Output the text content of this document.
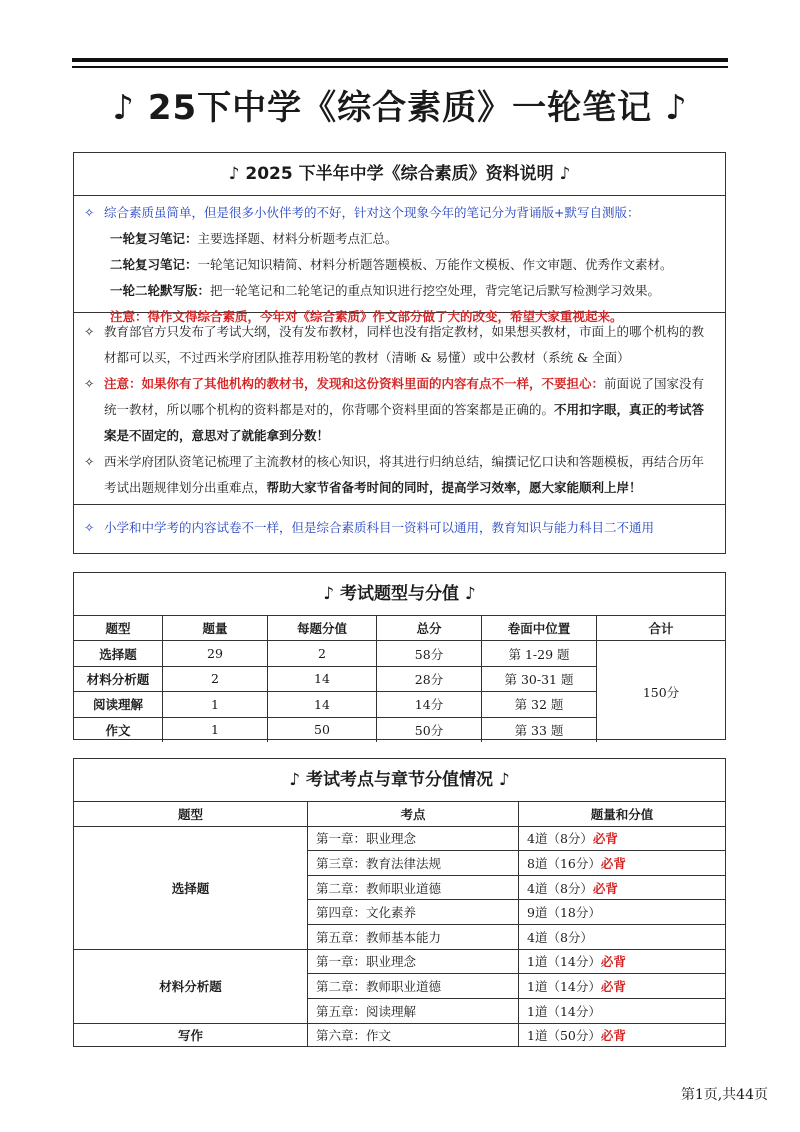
♪ 25下中学《综合素质》一轮笔记 ♪
♪ 2025 下半年中学《综合素质》资料说明 ♪
✧ 综合素质虽简单，但是很多小伙伴考的不好，针对这个现象今年的笔记分为背诵版+默写自测版：
一轮复习笔记：主要选择题、材料分析题考点汇总。
二轮复习笔记：一轮笔记知识精简、材料分析题答题模板、万能作文模板、作文审题、优秀作文素材。
一轮二轮默写版：把一轮笔记和二轮笔记的重点知识进行挖空处理，背完笔记后默写检测学习效果。
注意：得作文得综合素质，今年对《综合素质》作文部分做了大的改变，希望大家重视起来。
✧ 教育部官方只发布了考试大纲，没有发布教材，同样也没有指定教材，如果想买教材，市面上的哪个机构的教材都可以买，不过西米学府团队推荐用粉笔的教材（清晰 & 易懂）或中公教材（系统 & 全面）
✧ 注意：如果你有了其他机构的教材书，发现和这份资料里面的内容有点不一样，不要担心：前面说了国家没有统一教材，所以哪个机构的资料都是对的，你背哪个资料里面的答案都是正确的。不用扣字眼，真正的考试答案是不固定的，意思对了就能拿到分数！
✧ 西米学府团队资笔记梳理了主流教材的核心知识，将其进行归纳总结，编撰记忆口诀和答题模板，再结合历年考试出题规律划分出重难点，帮助大家节省备考时间的同时，提高学习效率，愿大家能顺利上岸！
✧ 小学和中学考的内容试卷不一样，但是综合素质科目一资料可以通用，教育知识与能力科目二不通用
♪ 考试题型与分值 ♪
题型	题量	每题分值	总分	卷面中位置	合计
选择题	29	2	58分	第 1-29 题	150分
材料分析题	2	14	28分	第 30-31 题	
阅读理解	1	14	14分	第 32 题	
作文	1	50	50分	第 33 题	
♪ 考试考点与章节分值情况 ♪
题型	考点	题量和分值
选择题	第一章：职业理念	4道（8分）必背
	第三章：教育法律法规	8道（16分）必背
	第二章：教师职业道德	4道（8分）必背
	第四章：文化素养	9道（18分）
	第五章：教师基本能力	4道（8分）
材料分析题	第一章：职业理念	1道（14分）必背
	第二章：教师职业道德	1道（14分）必背
	第五章：阅读理解	1道（14分）
写作	第六章：作文	1道（50分）必背
第1页,共44页
